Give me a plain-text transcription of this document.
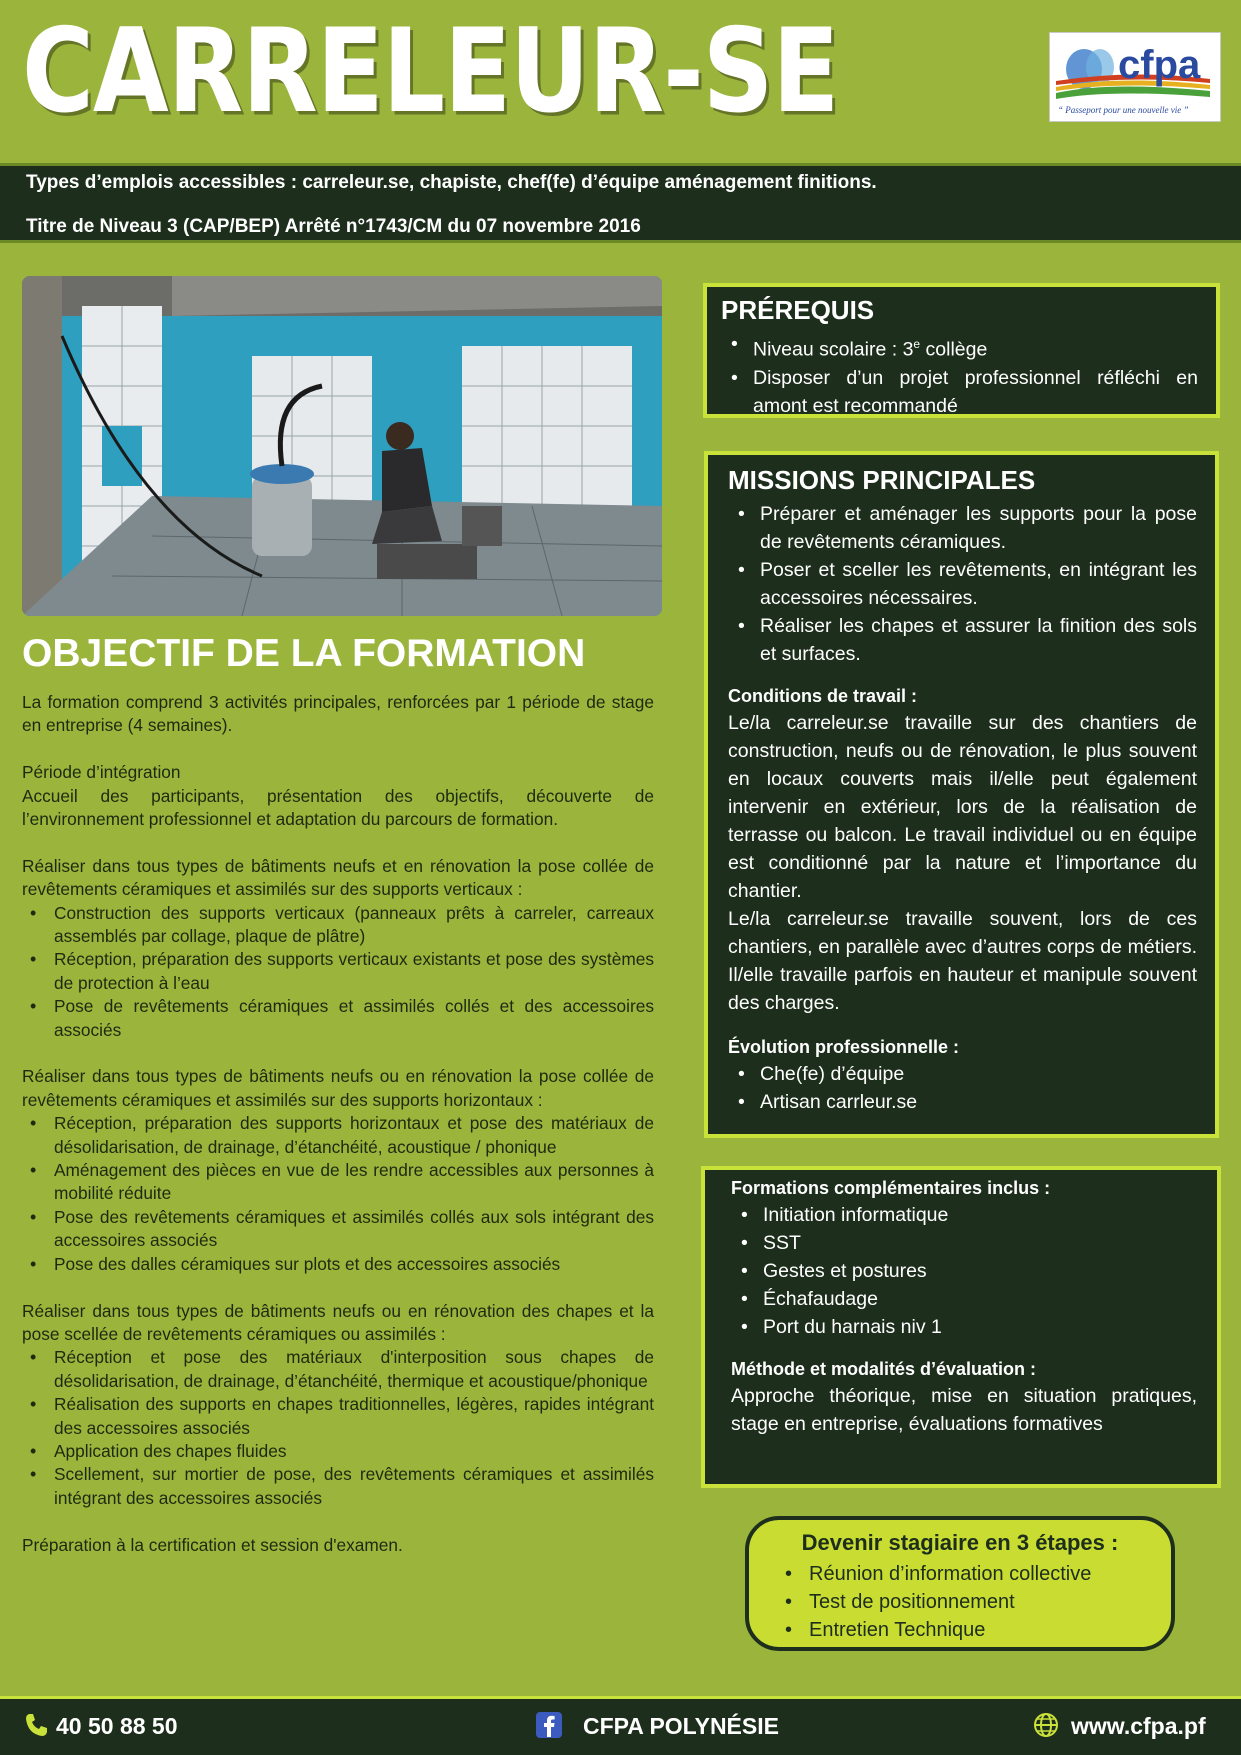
CARRELEUR-SE	cfpa
“ Passeport pour une nouvelle vie ”
Types d’emplois accessibles : carreleur.se, chapiste, chef(fe) d’équipe aménagement finitions.
Titre de Niveau 3 (CAP/BEP) Arrêté n°1743/CM du 07 novembre 2016
OBJECTIF DE LA FORMATION

La formation comprend 3 activités principales, renforcées par 1 période de stage en entreprise (4 semaines).

Période d’intégration

Accueil des participants, présentation des objectifs, découverte de l’environnement professionnel et adaptation du parcours de formation.

Réaliser dans tous types de bâtiments neufs et en rénovation la pose collée de revêtements céramiques et assimilés sur des supports verticaux :

• Construction des supports verticaux (panneaux prêts à carreler, carreaux assemblés par collage, plaque de plâtre)
• Réception, préparation des supports verticaux existants et pose des systèmes de protection à l’eau
• Pose de revêtements céramiques et assimilés collés et des accessoires associés

Réaliser dans tous types de bâtiments neufs ou en rénovation la pose collée de revêtements céramiques et assimilés sur des supports horizontaux :

• Réception, préparation des supports horizontaux et pose des matériaux de désolidarisation, de drainage, d’étanchéité, acoustique / phonique
• Aménagement des pièces en vue de les rendre accessibles aux personnes à mobilité réduite
• Pose des revêtements céramiques et assimilés collés aux sols intégrant des accessoires associés
• Pose des dalles céramiques sur plots et des accessoires associés

Réaliser dans tous types de bâtiments neufs ou en rénovation des chapes et la pose scellée de revêtements céramiques ou assimilés :

• Réception et pose des matériaux d'interposition sous chapes de désolidarisation, de drainage, d’étanchéité, thermique et acoustique/phonique
• Réalisation des supports en chapes traditionnelles, légères, rapides intégrant des accessoires associés
• Application des chapes fluides
• Scellement, sur mortier de pose, des revêtements céramiques et assimilés intégrant des accessoires associés

Préparation à la certification et session d'examen.

PRÉREQUIS
• Niveau scolaire : 3e collège
• Disposer d’un projet professionnel réfléchi en amont est recommandé
MISSIONS PRINCIPALES
• Préparer et aménager les supports pour la pose de revêtements céramiques.
• Poser et sceller les revêtements, en intégrant les accessoires nécessaires.
• Réaliser les chapes et assurer la finition des sols et surfaces.
Conditions de travail :

Le/la carreleur.se travaille sur des chantiers de construction, neufs ou de rénovation, le plus souvent en locaux couverts mais il/elle peut également intervenir en extérieur, lors de la réalisation de terrasse ou balcon. Le travail individuel ou en équipe est conditionné par la nature et l’importance du chantier.

Le/la carreleur.se travaille souvent, lors de ces chantiers, en parallèle avec d’autres corps de métiers. Il/elle travaille parfois en hauteur et manipule souvent des charges.

Évolution professionnelle :
• Che(fe) d’équipe
• Artisan carrleur.se
Formations complémentaires inclus :
• Initiation informatique
• SST
• Gestes et postures
• Échafaudage
• Port du harnais niv 1
Méthode et modalités d’évaluation :

Approche théorique, mise en situation pratiques, stage en entreprise, évaluations formatives

Devenir stagiaire en 3 étapes :
• Réunion d’information collective
• Test de positionnement
• Entretien Technique
40 50 88 50	CFPA POLYNÉSIE	www.cfpa.pf
